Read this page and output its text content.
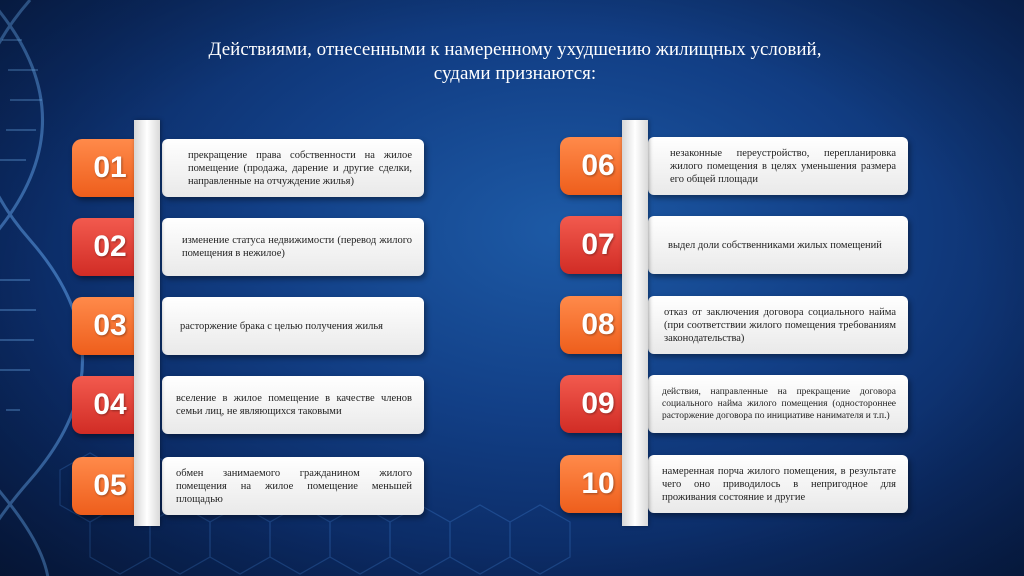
Действиями, отнесенными к намеренному ухудшению жилищных условий,
судами признаются:
01	прекращение права собственности на жилое помещение (продажа, дарение и другие сделки, направленные на отчуждение жилья)
02	изменение статуса недвижимости (перевод жилого помещения в нежилое)
03	расторжение брака с целью получения жилья
04	вселение в жилое помещение в качестве членов семьи лиц, не являющихся таковыми
05	обмен занимаемого гражданином жилого помещения на жилое помещение меньшей площадью
06	незаконные переустройство, перепланировка жилого помещения в целях уменьшения размера его общей площади
07	выдел доли собственниками жилых помещений
08	отказ от заключения договора социального найма (при соответствии жилого помещения требованиям законодательства)
09	действия, направленные на прекращение договора социального найма жилого помещения (одностороннее расторжение договора по инициативе нанимателя и т.п.)
10	намеренная порча жилого помещения, в результате чего оно приводилось в непригодное для проживания состояние и другие
